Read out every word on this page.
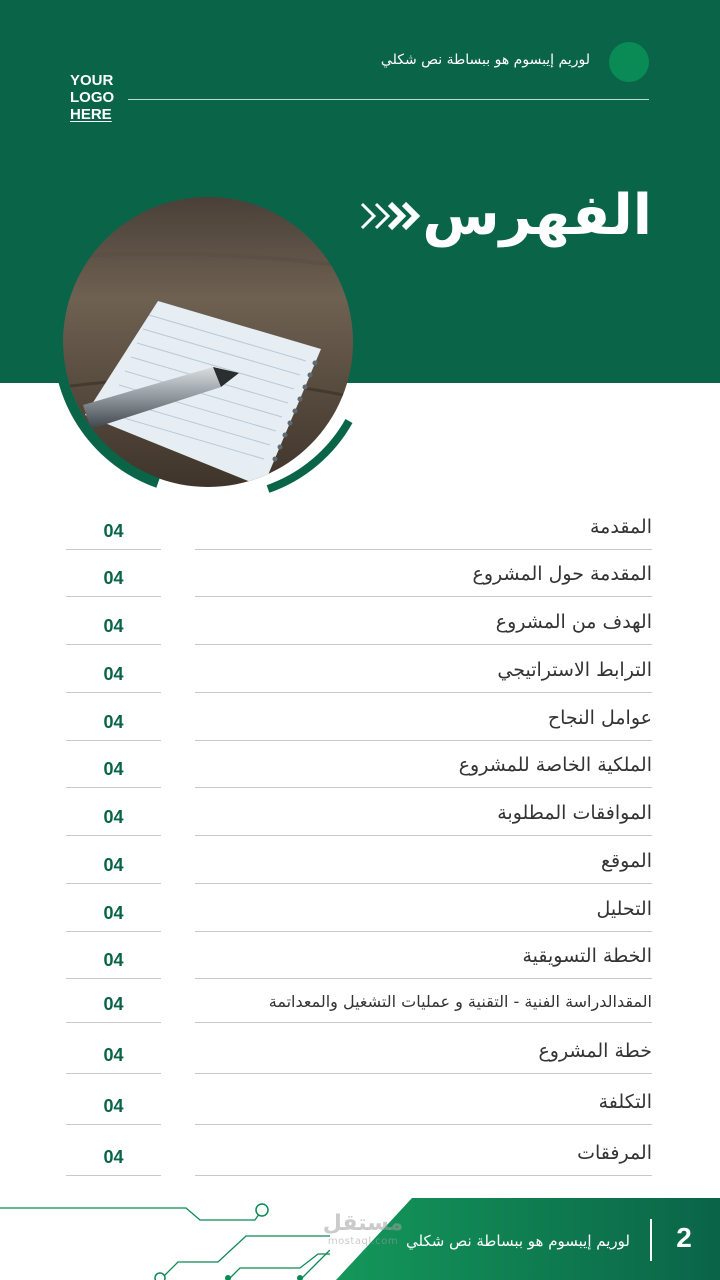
YOUR
LOGO
HERE
لوريم إيبسوم هو ببساطة نص شكلي
الفهرس
المقدمة
04
المقدمة حول المشروع
04
الهدف من المشروع
04
الترابط الاستراتيجي
04
عوامل النجاح
04
الملكية الخاصة للمشروع
04
الموافقات المطلوبة
04
الموقع
04
التحليل
04
الخطة التسويقية
04
المقدالدراسة الفنية - التقنية و عمليات التشغيل والمعداتمة
04
خطة المشروع
04
التكلفة
04
المرفقات
04
مستقل
mostaql.com لوريم إيبسوم هو ببساطة نص شكلي	2
